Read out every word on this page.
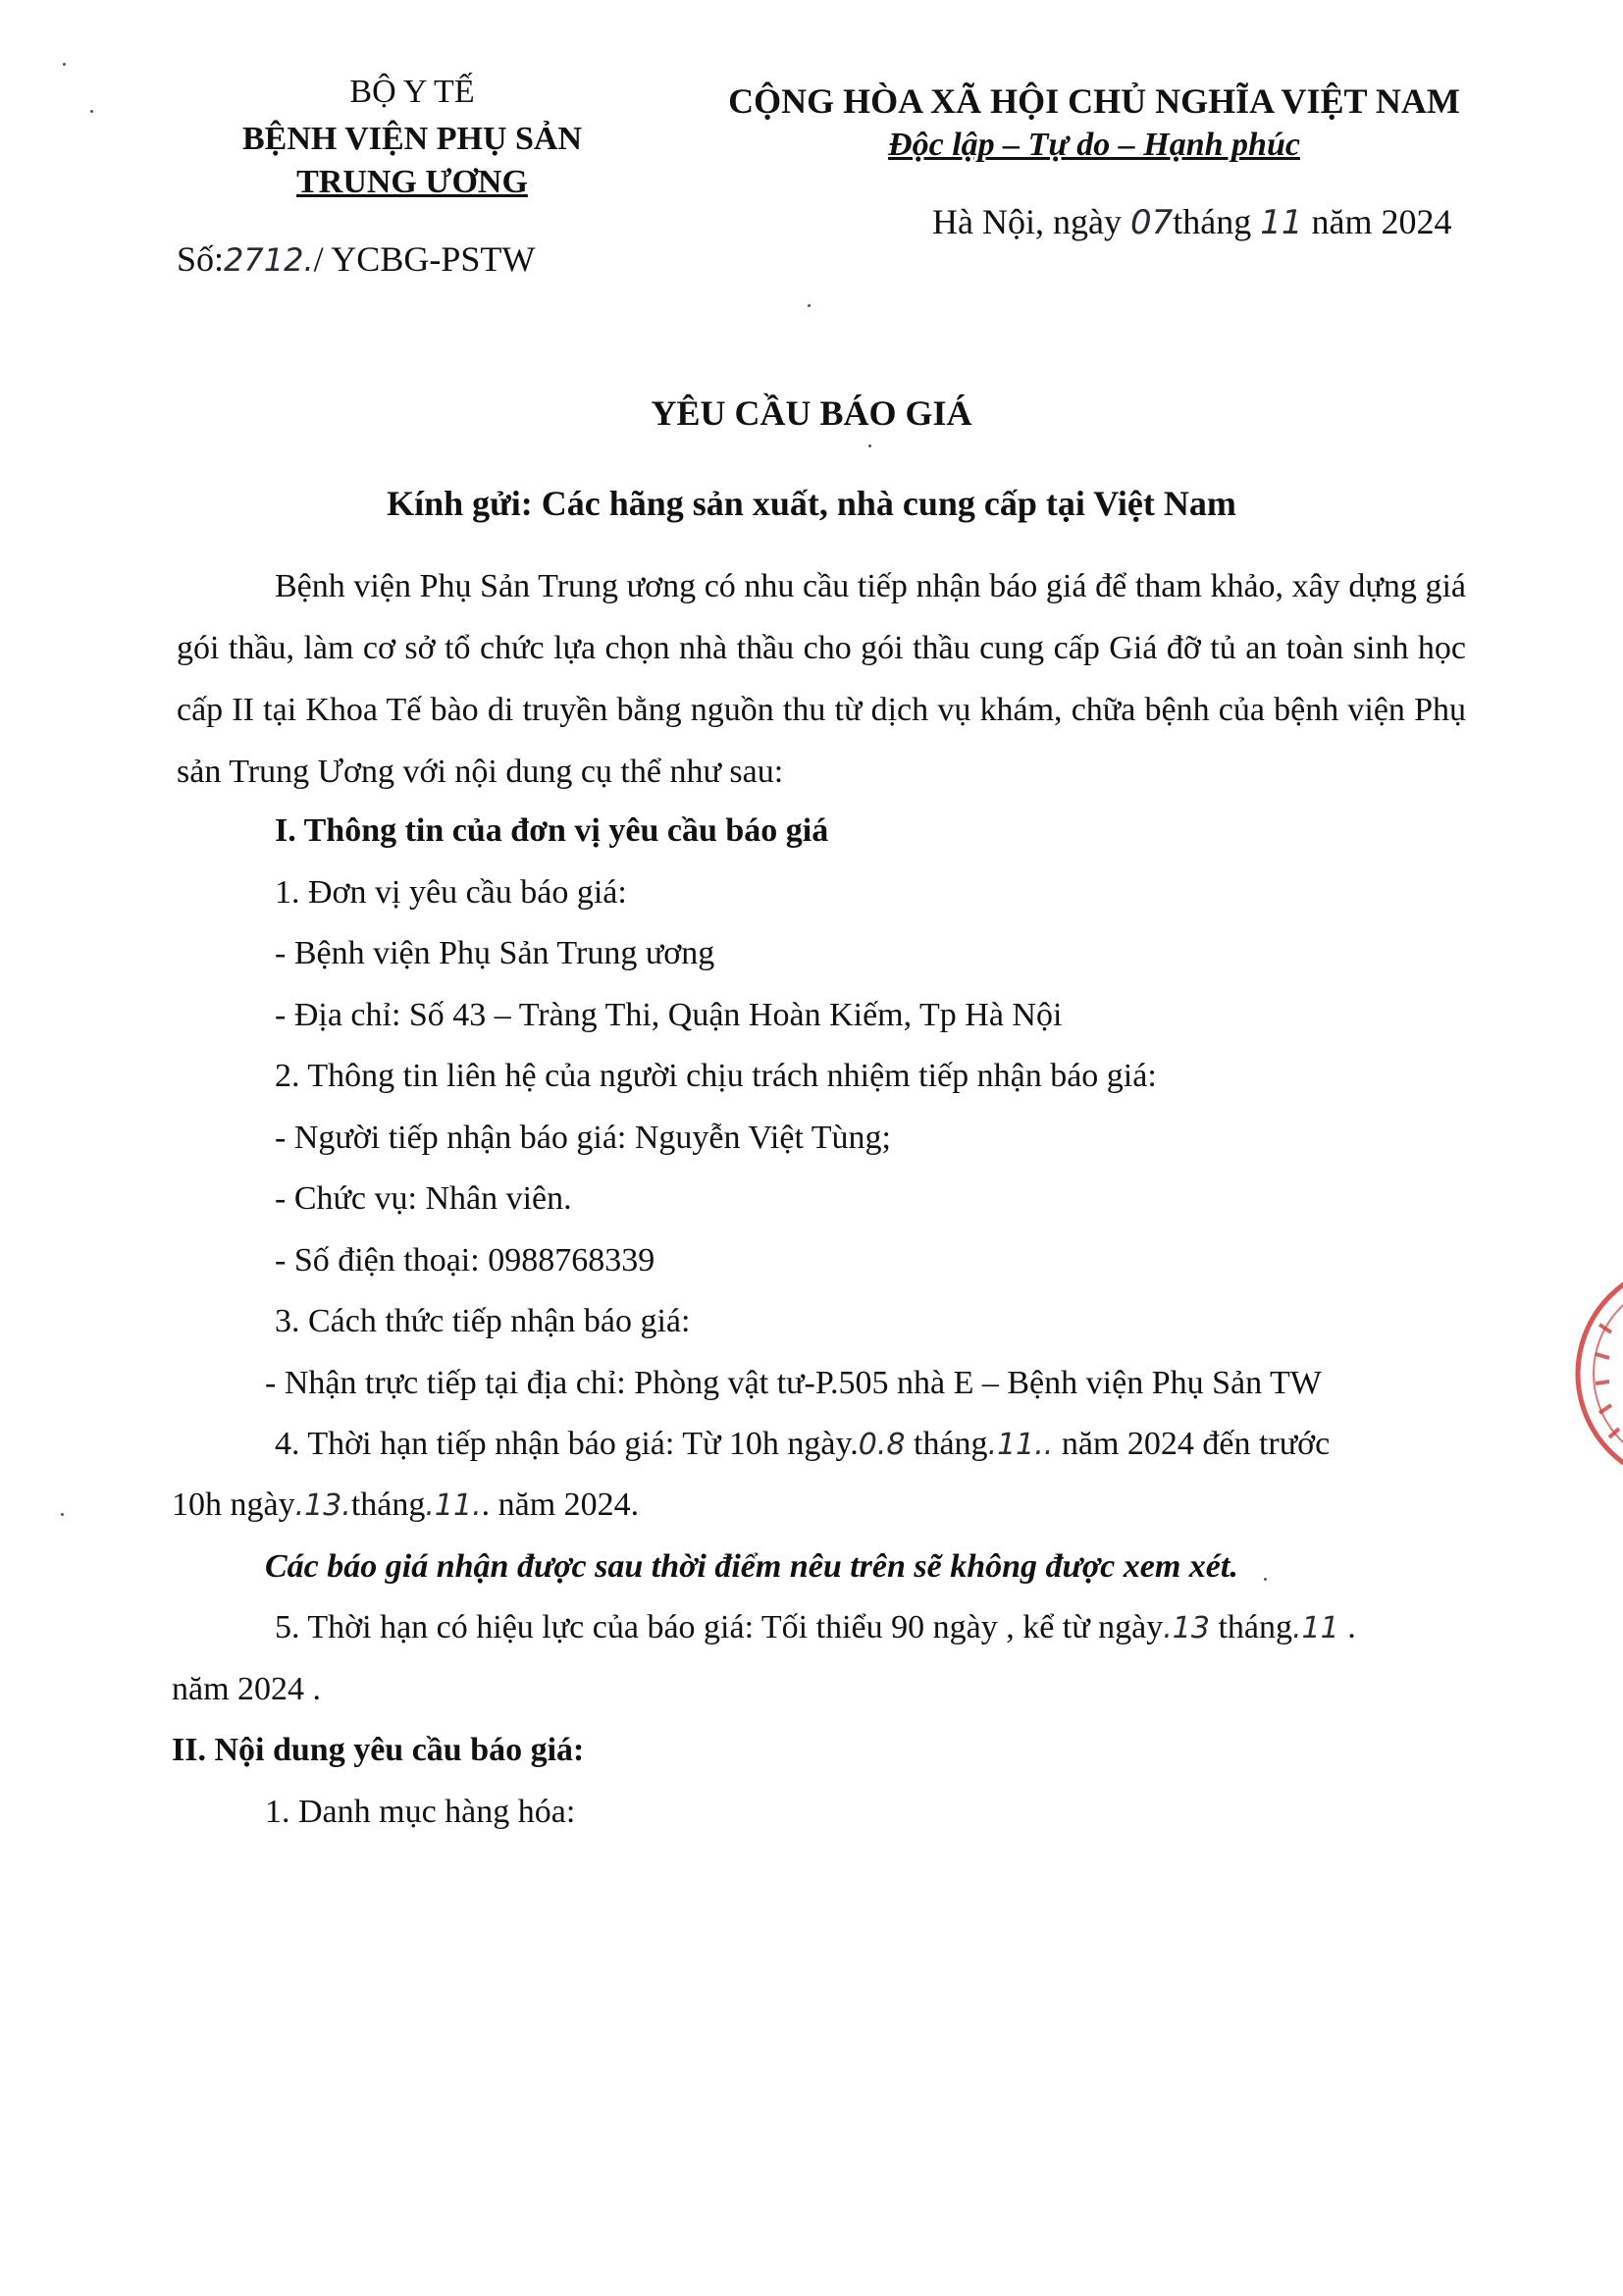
BỘ Y TẾ
BỆNH VIỆN PHỤ SẢN
TRUNG ƯƠNG
Số:2712./ YCBG-PSTW
CỘNG HÒA XÃ HỘI CHỦ NGHĨA VIỆT NAM
Độc lập – Tự do – Hạnh phúc
Hà Nội, ngày 07tháng 11 năm 2024
YÊU CẦU BÁO GIÁ
Kính gửi: Các hãng sản xuất, nhà cung cấp tại Việt Nam
Bệnh viện Phụ Sản Trung ương có nhu cầu tiếp nhận báo giá để tham khảo, xây dựng giá gói thầu, làm cơ sở tổ chức lựa chọn nhà thầu cho gói thầu cung cấp Giá đỡ tủ an toàn sinh học cấp II tại Khoa Tế bào di truyền bằng nguồn thu từ dịch vụ khám, chữa bệnh của bệnh viện Phụ sản Trung Ương với nội dung cụ thể như sau:
I. Thông tin của đơn vị yêu cầu báo giá
1. Đơn vị yêu cầu báo giá:
- Bệnh viện Phụ Sản Trung ương
- Địa chỉ: Số 43 – Tràng Thi, Quận Hoàn Kiếm, Tp Hà Nội
2. Thông tin liên hệ của người chịu trách nhiệm tiếp nhận báo giá:
- Người tiếp nhận báo giá: Nguyễn Việt Tùng;
- Chức vụ: Nhân viên.
- Số điện thoại: 0988768339
3. Cách thức tiếp nhận báo giá:
- Nhận trực tiếp tại địa chỉ: Phòng vật tư-P.505 nhà E – Bệnh viện Phụ Sản TW
4. Thời hạn tiếp nhận báo giá: Từ 10h ngày.0.8 tháng.11.. năm 2024 đến trước
10h ngày.13.tháng.11.. năm 2024.
Các báo giá nhận được sau thời điểm nêu trên sẽ không được xem xét.
5. Thời hạn có hiệu lực của báo giá: Tối thiểu 90 ngày , kể từ ngày.13 tháng.11 .
năm 2024 .
II. Nội dung yêu cầu báo giá:
1. Danh mục hàng hóa:
